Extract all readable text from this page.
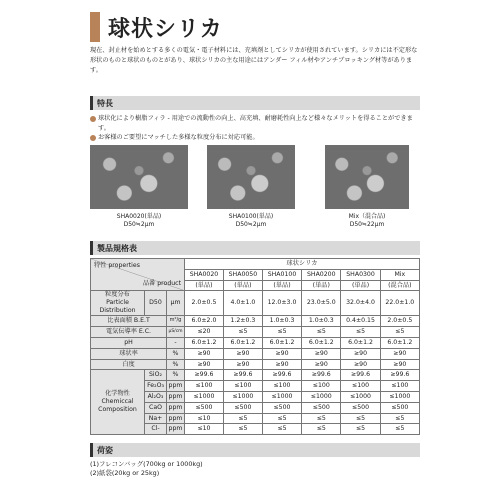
球状シリカ
現在、封止材を始めとする多くの電気・電子材料には、充填剤としてシリカが使用されています。シリカには不定形な形状のものと球状のものとがあり、球状シリカの主な用途にはアンダー フィル材やアンチブロッキング材等があります。
特長
球状化により樹脂フィラ - 用途での流動性の向上、高充填、耐磨耗性向上など様々なメリットを得ることができます。
お客様のご要望にマッチした多様な粒度分布に対応可能。
SHA0020(単品)
D50≒2μm
SHA0100(単品)
D50≒2μm
Mix（混合品)
D50≒22μm
製品規格表
特性 properties
品番 product			球状シリカ					
			SHA0020	SHA0050	SHA0100	SHA0200	SHA0300	Mix
			(単品)	(単品)	(単品)	(単品)	(単品)	(混合品)

粒度分布
Particle
Distribution	D50	μm	2.0±0.5	4.0±1.0	12.0±3.0	23.0±5.0	32.0±4.0	22.0±1.0
比表面積 B.E.T		m²/g	6.0±2.0	1.2±0.3	1.0±0.3	1.0±0.3	0.4±0.15	2.0±0.5
電気伝導率 E.C.		μS/cm	≤20	≤5	≤5	≤5	≤5	≤5
pH		-	6.0±1.2	6.0±1.2	6.0±1.2	6.0±1.2	6.0±1.2	6.0±1.2
球状率		%	≥90	≥90	≥90	≥90	≥90	≥90
白度		%	≥90	≥90	≥90	≥90	≥90	≥90

化学物性
Chemiccal
Composition	SiO₂	%	≥99.6	≥99.6	≥99.6	≥99.6	≥99.6	≥99.6
	Fe₂O₃	ppm	≤100	≤100	≤100	≤100	≤100	≤100
	Al₂O₃	ppm	≤1000	≤1000	≤1000	≤1000	≤1000	≤1000
	CaO	ppm	≤500	≤500	≤500	≤500	≤500	≤500
	Na+	ppm	≤10	≤5	≤5	≤5	≤5	≤5
	Cl-	ppm	≤10	≤5	≤5	≤5	≤5	≤5
荷姿
(1)フレコンバッグ(700kg or 1000kg)
(2)紙袋(20kg or 25kg)
